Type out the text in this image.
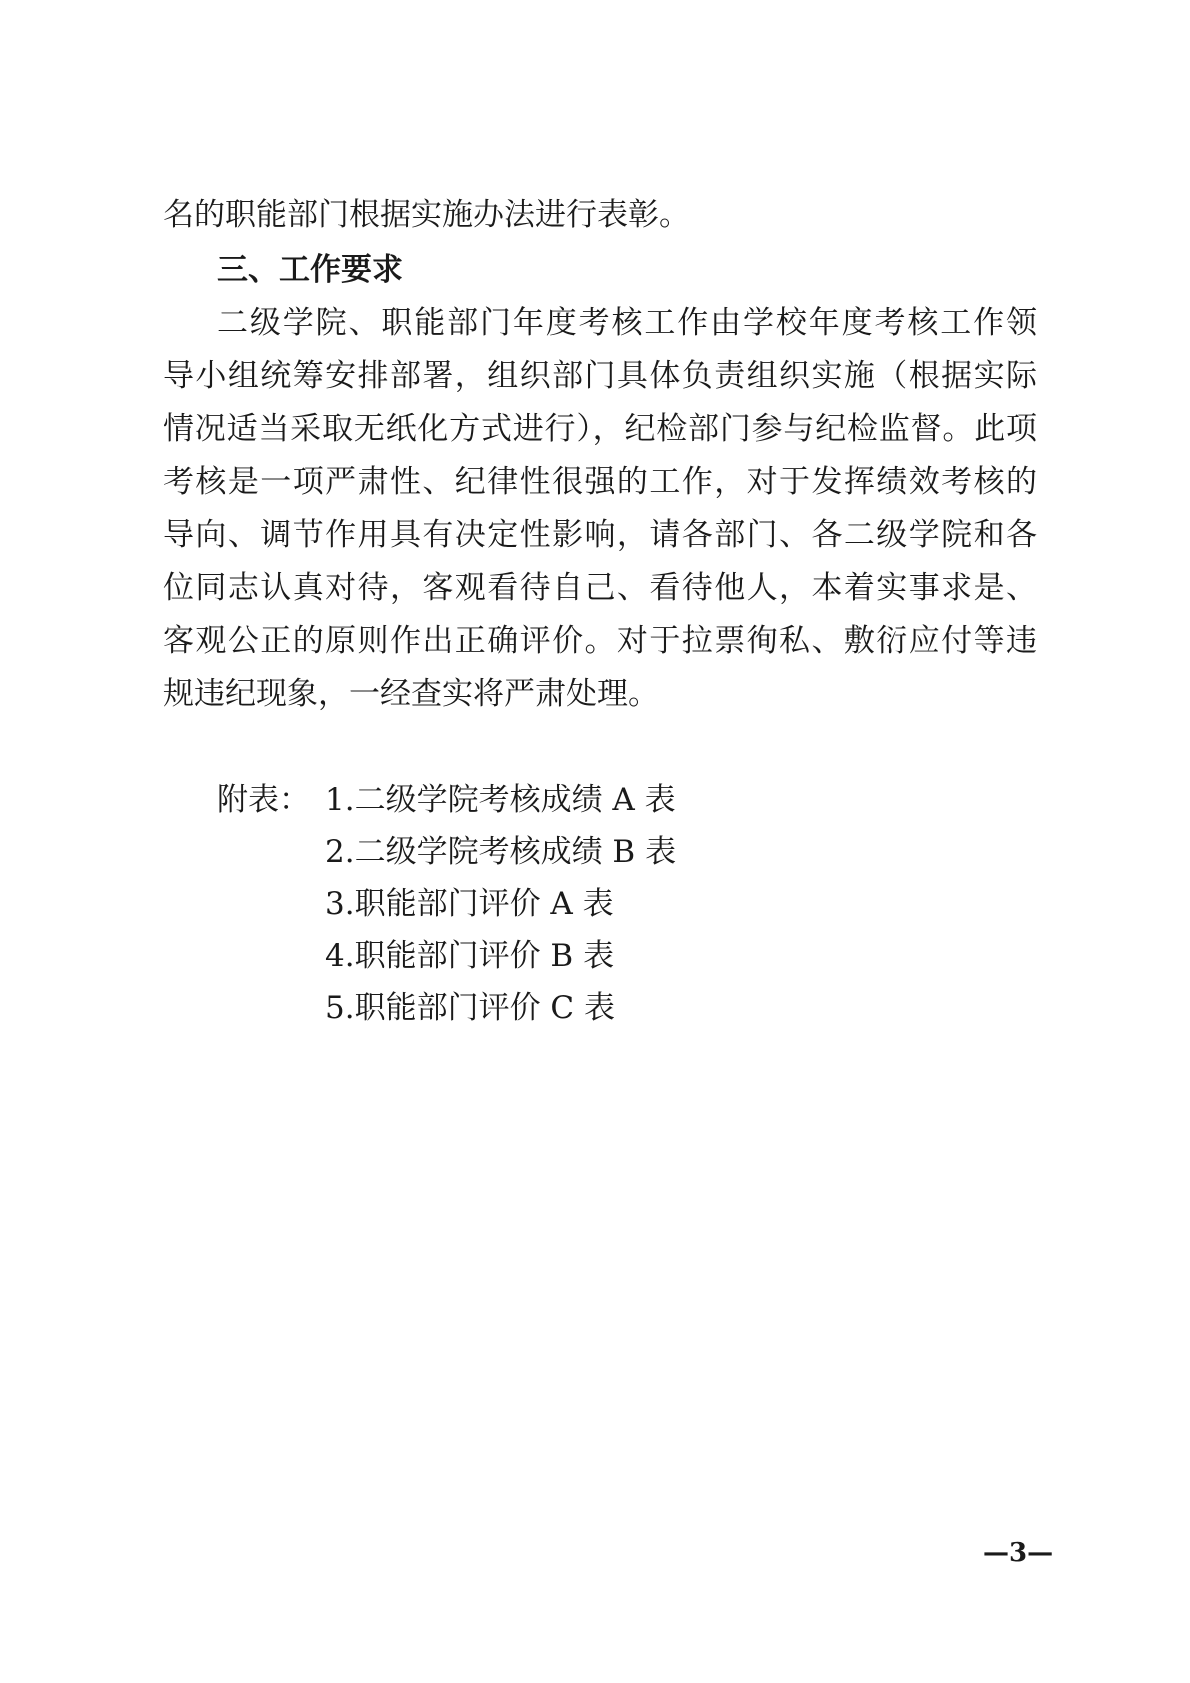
名的职能部门根据实施办法进行表彰。
三、工作要求
二级学院、职能部门年度考核工作由学校年度考核工作领
导小组统筹安排部署，组织部门具体负责组织实施（根据实际
情况适当采取无纸化方式进行），纪检部门参与纪检监督。此项
考核是一项严肃性、纪律性很强的工作，对于发挥绩效考核的
导向、调节作用具有决定性影响，请各部门、各二级学院和各
位同志认真对待，客观看待自己、看待他人，本着实事求是、
客观公正的原则作出正确评价。对于拉票徇私、敷衍应付等违
规违纪现象，一经查实将严肃处理。
附表： 1.二级学院考核成绩 A 表
2.二级学院考核成绩 B 表
3.职能部门评价 A 表
4.职能部门评价 B 表
5.职能部门评价 C 表
—3—
